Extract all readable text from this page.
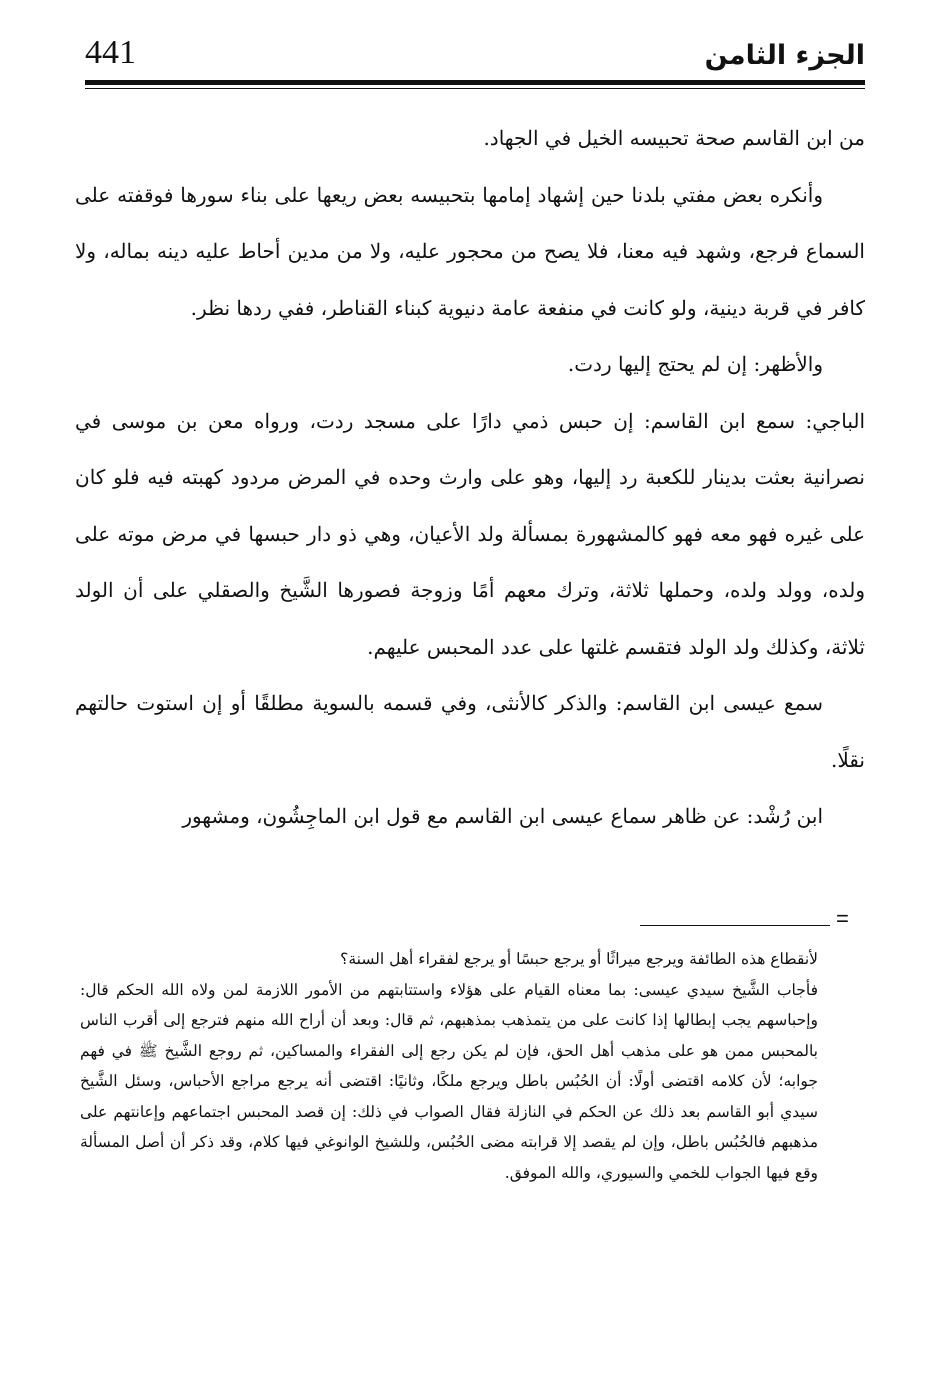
441	الجزء الثامن

من ابن القاسم صحة تحبيسه الخيل في الجهاد.

وأنكره بعض مفتي بلدنا حين إشهاد إمامها بتحبيسه بعض ريعها على بناء سورها فوقفته على السماع فرجع، وشهد فيه معنا، فلا يصح من محجور عليه، ولا من مدين أحاط عليه دينه بماله، ولا كافر في قربة دينية، ولو كانت في منفعة عامة دنيوية كبناء القناطر، ففي ردها نظر.

والأظهر: إن لم يحتج إليها ردت.

الباجي: سمع ابن القاسم: إن حبس ذمي دارًا على مسجد ردت، ورواه معن بن موسى في نصرانية بعثت بدينار للكعبة رد إليها، وهو على وارث وحده في المرض مردود كهبته فيه فلو كان على غيره فهو معه فهو كالمشهورة بمسألة ولد الأعيان، وهي ذو دار حبسها في مرض موته على ولده، وولد ولده، وحملها ثلاثة، وترك معهم أمًا وزوجة فصورها الشَّيخ والصقلي على أن الولد ثلاثة، وكذلك ولد الولد فتقسم غلتها على عدد المحبس عليهم.

سمع عيسى ابن القاسم: والذكر كالأنثى، وفي قسمه بالسوية مطلقًا أو إن استوت حالتهم نقلًا.

ابن رُشْد: عن ظاهر سماع عيسى ابن القاسم مع قول ابن الماجِشُون، ومشهور

=

لأنقطاع هذه الطائفة ويرجع ميراثًا أو يرجع حبسًا أو يرجع لفقراء أهل السنة؟

فأجاب الشَّيخ سيدي عيسى: بما معناه القيام على هؤلاء واستتابتهم من الأمور اللازمة لمن ولاه الله الحكم قال: وإحباسهم يجب إبطالها إذا كانت على من يتمذهب بمذهبهم، ثم قال: وبعد أن أراح الله منهم فترجع إلى أقرب الناس بالمحبس ممن هو على مذهب أهل الحق، فإن لم يكن رجع إلى الفقراء والمساكين، ثم روجع الشَّيخ ﷺ في فهم جوابه؛ لأن كلامه اقتضى أولًا: أن الحُبُس باطل ويرجع ملكًا، وثانيًا: اقتضى أنه يرجع مراجع الأحباس، وسئل الشَّيخ سيدي أبو القاسم بعد ذلك عن الحكم في النازلة فقال الصواب في ذلك: إن قصد المحبس اجتماعهم وإعانتهم على مذهبهم فالحُبُس باطل، وإن لم يقصد إلا قرابته مضى الحُبُس، وللشيخ الوانوغي فيها كلام، وقد ذكر أن أصل المسألة وقع فيها الجواب للخمي والسيوري، والله الموفق.
